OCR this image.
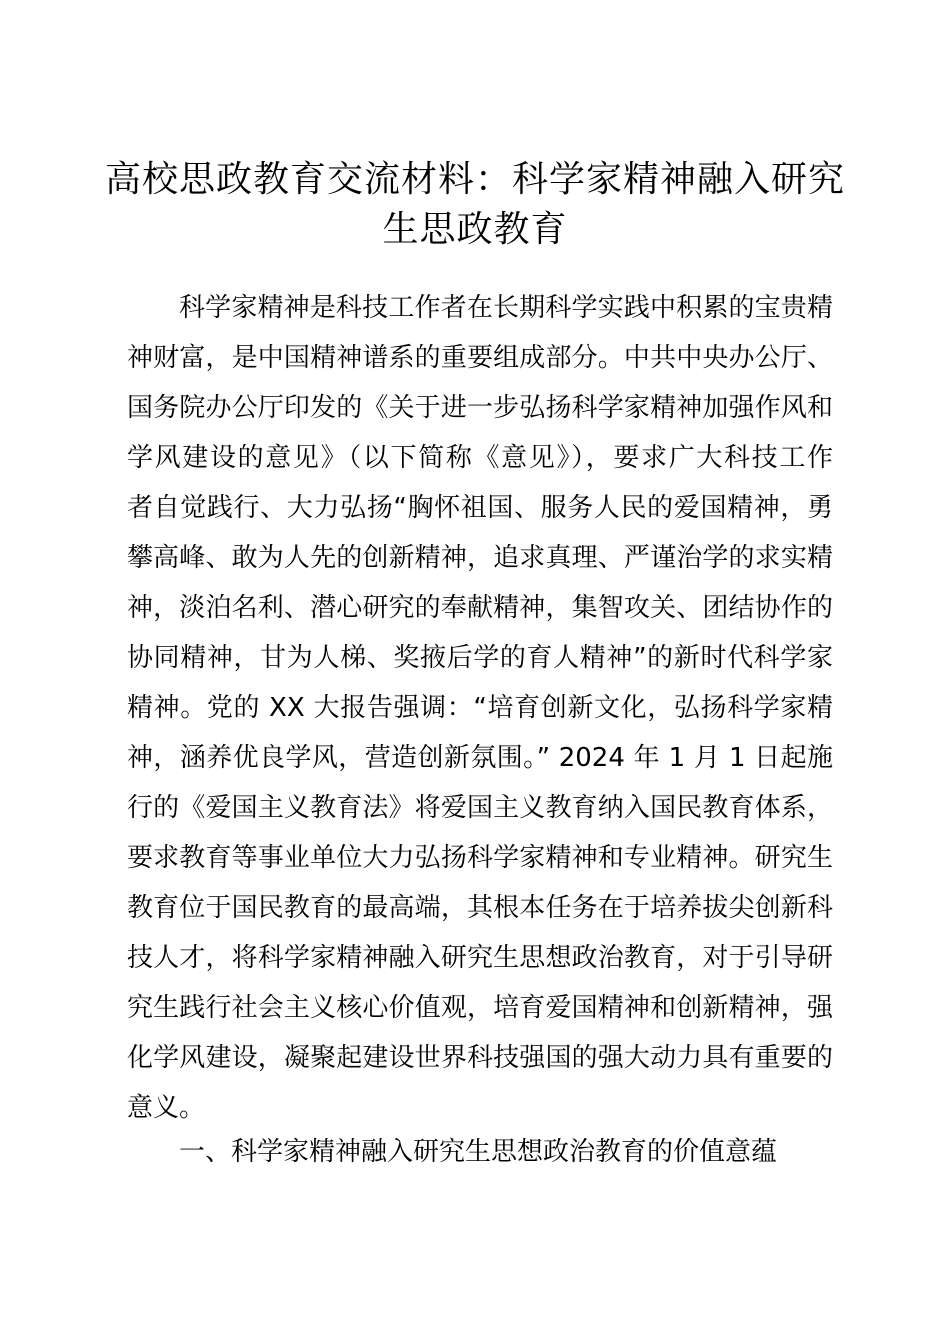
高校思政教育交流材料：科学家精神融入研究
生思政教育
科学家精神是科技工作者在长期科学实践中积累的宝贵精
神财富，是中国精神谱系的重要组成部分。中共中央办公厅、
国务院办公厅印发的《关于进一步弘扬科学家精神加强作风和
学风建设的意见》（以下简称《意见》），要求广大科技工作
者自觉践行、大力弘扬“胸怀祖国、服务人民的爱国精神，勇
攀高峰、敢为人先的创新精神，追求真理、严谨治学的求实精
神，淡泊名利、潜心研究的奉献精神，集智攻关、团结协作的
协同精神，甘为人梯、奖掖后学的育人精神”的新时代科学家
精神。党的 XX 大报告强调：“培育创新文化，弘扬科学家精
神，涵养优良学风，营造创新氛围。” 2024 年 1 月 1 日起施
行的《爱国主义教育法》将爱国主义教育纳入国民教育体系，
要求教育等事业单位大力弘扬科学家精神和专业精神。研究生
教育位于国民教育的最高端，其根本任务在于培养拔尖创新科
技人才，将科学家精神融入研究生思想政治教育，对于引导研
究生践行社会主义核心价值观，培育爱国精神和创新精神，强
化学风建设，凝聚起建设世界科技强国的强大动力具有重要的
意义。
一、科学家精神融入研究生思想政治教育的价值意蕴
